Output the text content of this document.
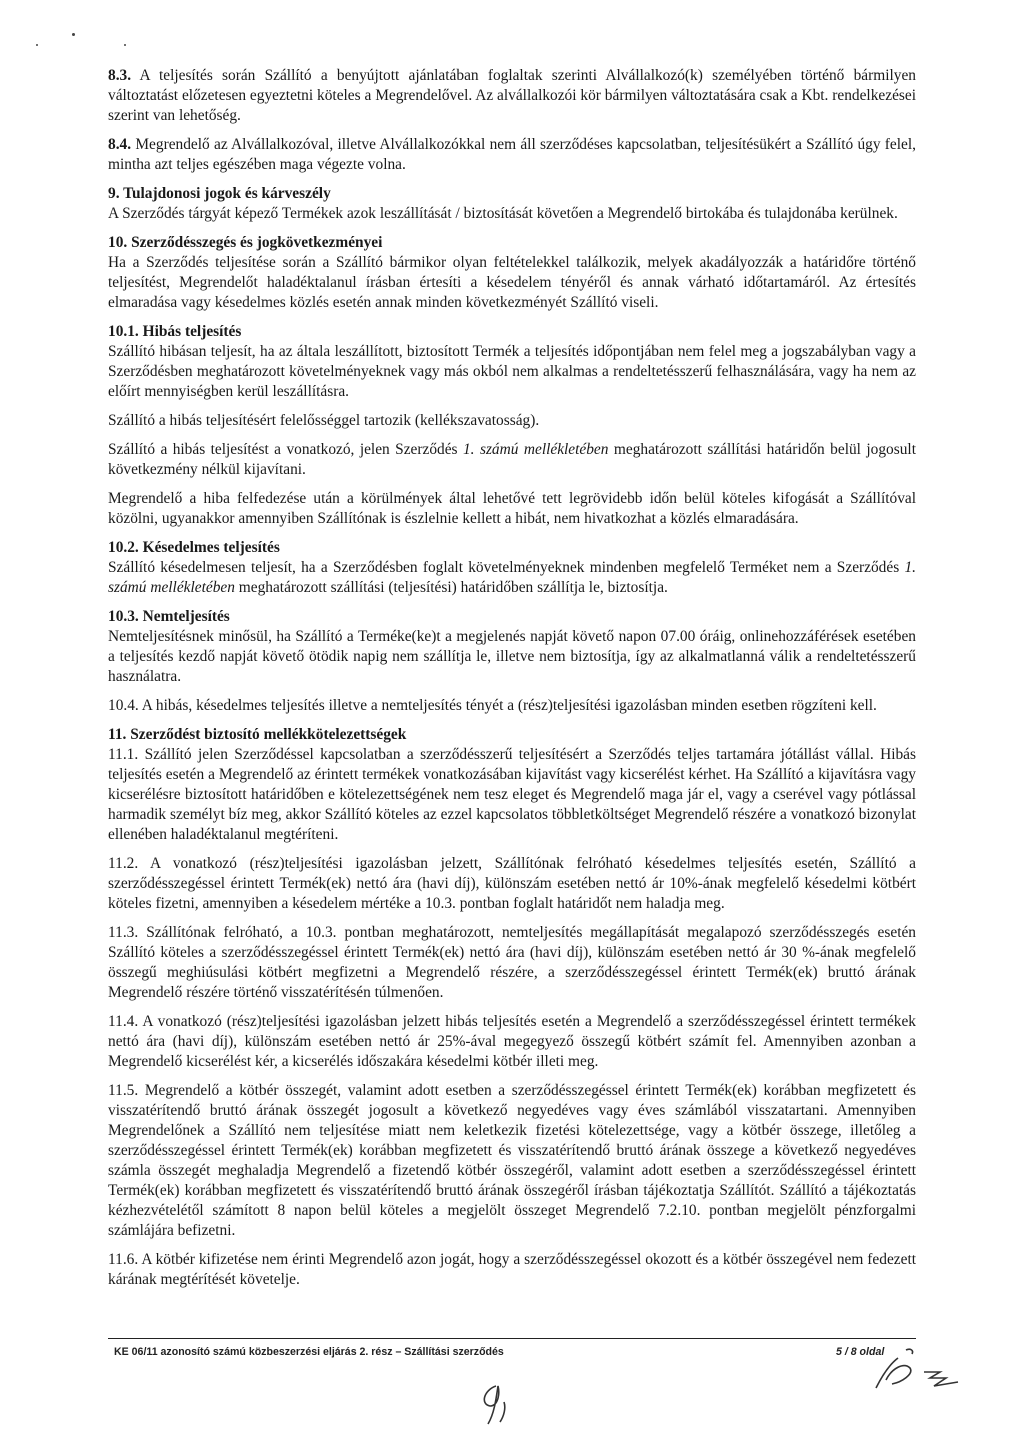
8.3. A teljesítés során Szállító a benyújtott ajánlatában foglaltak szerinti Alvállalkozó(k) személyében történő bármilyen változtatást előzetesen egyeztetni köteles a Megrendelővel. Az alvállalkozói kör bármilyen változtatására csak a Kbt. rendelkezései szerint van lehetőség.

8.4. Megrendelő az Alvállalkozóval, illetve Alvállalkozókkal nem áll szerződéses kapcsolatban, teljesítésükért a Szállító úgy felel, mintha azt teljes egészében maga végezte volna.

9. Tulajdonosi jogok és kárveszély

A Szerződés tárgyát képező Termékek azok leszállítását / biztosítását követően a Megrendelő birtokába és tulajdonába kerülnek.

10. Szerződésszegés és jogkövetkezményei

Ha a Szerződés teljesítése során a Szállító bármikor olyan feltételekkel találkozik, melyek akadályozzák a határidőre történő teljesítést, Megrendelőt haladéktalanul írásban értesíti a késedelem tényéről és annak várható időtartamáról. Az értesítés elmaradása vagy késedelmes közlés esetén annak minden következményét Szállító viseli.

10.1. Hibás teljesítés

Szállító hibásan teljesít, ha az általa leszállított, biztosított Termék a teljesítés időpontjában nem felel meg a jogszabályban vagy a Szerződésben meghatározott követelményeknek vagy más okból nem alkalmas a rendeltetésszerű felhasználására, vagy ha nem az előírt mennyiségben kerül leszállításra.

Szállító a hibás teljesítésért felelősséggel tartozik (kellékszavatosság).

Szállító a hibás teljesítést a vonatkozó, jelen Szerződés 1. számú mellékletében meghatározott szállítási határidőn belül jogosult következmény nélkül kijavítani.

Megrendelő a hiba felfedezése után a körülmények által lehetővé tett legrövidebb időn belül köteles kifogását a Szállítóval közölni, ugyanakkor amennyiben Szállítónak is észlelnie kellett a hibát, nem hivatkozhat a közlés elmaradására.

10.2. Késedelmes teljesítés

Szállító késedelmesen teljesít, ha a Szerződésben foglalt követelményeknek mindenben megfelelő Terméket nem a Szerződés 1. számú mellékletében meghatározott szállítási (teljesítési) határidőben szállítja le, biztosítja.

10.3. Nemteljesítés

Nemteljesítésnek minősül, ha Szállító a Terméke(ke)t a megjelenés napját követő napon 07.00 óráig, onlinehozzáférések esetében a teljesítés kezdő napját követő ötödik napig nem szállítja le, illetve nem biztosítja, így az alkalmatlanná válik a rendeltetésszerű használatra.

10.4. A hibás, késedelmes teljesítés illetve a nemteljesítés tényét a (rész)teljesítési igazolásban minden esetben rögzíteni kell.

11. Szerződést biztosító mellékkötelezettségek

11.1. Szállító jelen Szerződéssel kapcsolatban a szerződésszerű teljesítésért a Szerződés teljes tartamára jótállást vállal. Hibás teljesítés esetén a Megrendelő az érintett termékek vonatkozásában kijavítást vagy kicserélést kérhet. Ha Szállító a kijavításra vagy kicserélésre biztosított határidőben e kötelezettségének nem tesz eleget és Megrendelő maga jár el, vagy a cserével vagy pótlással harmadik személyt bíz meg, akkor Szállító köteles az ezzel kapcsolatos többletköltséget Megrendelő részére a vonatkozó bizonylat ellenében haladéktalanul megtéríteni.

11.2. A vonatkozó (rész)teljesítési igazolásban jelzett, Szállítónak felróható késedelmes teljesítés esetén, Szállító a szerződésszegéssel érintett Termék(ek) nettó ára (havi díj), különszám esetében nettó ár 10%-ának megfelelő késedelmi kötbért köteles fizetni, amennyiben a késedelem mértéke a 10.3. pontban foglalt határidőt nem haladja meg.

11.3. Szállítónak felróható, a 10.3. pontban meghatározott, nemteljesítés megállapítását megalapozó szerződésszegés esetén Szállító köteles a szerződésszegéssel érintett Termék(ek) nettó ára (havi díj), különszám esetében nettó ár 30 %-ának megfelelő összegű meghiúsulási kötbért megfizetni a Megrendelő részére, a szerződésszegéssel érintett Termék(ek) bruttó árának Megrendelő részére történő visszatérítésén túlmenően.

11.4. A vonatkozó (rész)teljesítési igazolásban jelzett hibás teljesítés esetén a Megrendelő a szerződésszegéssel érintett termékek nettó ára (havi díj), különszám esetében nettó ár 25%-ával megegyező összegű kötbért számít fel. Amennyiben azonban a Megrendelő kicserélést kér, a kicserélés időszakára késedelmi kötbér illeti meg.

11.5. Megrendelő a kötbér összegét, valamint adott esetben a szerződésszegéssel érintett Termék(ek) korábban megfizetett és visszatérítendő bruttó árának összegét jogosult a következő negyedéves vagy éves számlából visszatartani. Amennyiben Megrendelőnek a Szállító nem teljesítése miatt nem keletkezik fizetési kötelezettsége, vagy a kötbér összege, illetőleg a szerződésszegéssel érintett Termék(ek) korábban megfizetett és visszatérítendő bruttó árának összege a következő negyedéves számla összegét meghaladja Megrendelő a fizetendő kötbér összegéről, valamint adott esetben a szerződésszegéssel érintett Termék(ek) korábban megfizetett és visszatérítendő bruttó árának összegéről írásban tájékoztatja Szállítót. Szállító a tájékoztatás kézhezvételétől számított 8 napon belül köteles a megjelölt összeget Megrendelő 7.2.10. pontban megjelölt pénzforgalmi számlájára befizetni.

11.6. A kötbér kifizetése nem érinti Megrendelő azon jogát, hogy a szerződésszegéssel okozott és a kötbér összegével nem fedezett kárának megtérítését követelje.

KE 06/11 azonosító számú közbeszerzési eljárás 2. rész – Szállítási szerződés	5 / 8 oldal
